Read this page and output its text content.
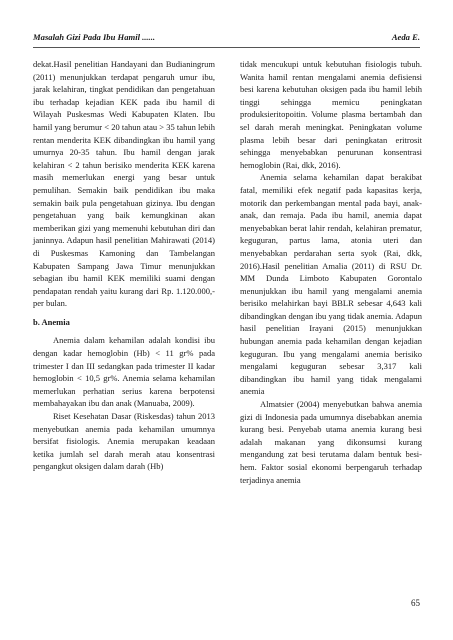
Masalah Gizi Pada Ibu Hamil ......	Aeda E.

dekat.Hasil penelitian Handayani dan Budianingrum (2011) menunjukkan terdapat pengaruh umur ibu, jarak kelahiran, tingkat pendidikan dan pengetahuan ibu terhadap kejadian KEK pada ibu hamil di Wilayah Puskesmas Wedi Kabupaten Klaten. Ibu hamil yang berumur < 20 tahun atau > 35 tahun lebih rentan menderita KEK dibandingkan ibu hamil yang umurnya 20-35 tahun. Ibu hamil dengan jarak kelahiran < 2 tahun berisiko menderita KEK karena masih memerlukan energi yang besar untuk pemulihan. Semakin baik pendidikan ibu maka semakin baik pula pengetahuan gizinya. Ibu dengan pengetahuan yang baik kemungkinan akan memberikan gizi yang memenuhi kebutuhan diri dan janinnya. Adapun hasil penelitian Mahirawati (2014) di Puskesmas Kamoning dan Tambelangan Kabupaten Sampang Jawa Timur menunjukkan sebagian ibu hamil KEK memiliki suami dengan pendapatan rendah yaitu kurang dari Rp. 1.120.000,- per bulan.

b. Anemia

Anemia dalam kehamilan adalah kondisi ibu dengan kadar hemoglobin (Hb) < 11 gr% pada trimester I dan III sedangkan pada trimester II kadar hemoglobin < 10,5 gr%. Anemia selama kehamilan memerlukan perhatian serius karena berpotensi membahayakan ibu dan anak (Manuaba, 2009).

Riset Kesehatan Dasar (Riskesdas) tahun 2013 menyebutkan anemia pada kehamilan umumnya bersifat fisiologis. Anemia merupakan keadaan ketika jumlah sel darah merah atau konsentrasi pengangkut oksigen dalam darah (Hb)

tidak mencukupi untuk kebutuhan fisiologis tubuh. Wanita hamil rentan mengalami anemia defisiensi besi karena kebutuhan oksigen pada ibu hamil lebih tinggi sehingga memicu peningkatan produksieritopoitin. Volume plasma bertambah dan sel darah merah meningkat. Peningkatan volume plasma lebih besar dari peningkatan eritrosit sehingga menyebabkan penurunan konsentrasi hemoglobin (Rai, dkk, 2016).

Anemia selama kehamilan dapat berakibat fatal, memiliki efek negatif pada kapasitas kerja, motorik dan perkembangan mental pada bayi, anak-anak, dan remaja. Pada ibu hamil, anemia dapat menyebabkan berat lahir rendah, kelahiran prematur, keguguran, partus lama, atonia uteri dan menyebabkan perdarahan serta syok (Rai, dkk, 2016).Hasil penelitian Amalia (2011) di RSU Dr. MM Dunda Limboto Kabupaten Gorontalo menunjukkan ibu hamil yang mengalami anemia berisiko melahirkan bayi BBLR sebesar 4,643 kali dibandingkan dengan ibu yang tidak anemia. Adapun hasil penelitian Irayani (2015) menunjukkan hubungan anemia pada kehamilan dengan kejadian keguguran. Ibu yang mengalami anemia berisiko mengalami keguguran sebesar 3,317 kali dibandingkan ibu hamil yang tidak mengalami anemia

Almatsier (2004) menyebutkan bahwa anemia gizi di Indonesia pada umumnya disebabkan anemia kurang besi. Penyebab utama anemia kurang besi adalah makanan yang dikonsumsi kurang mengandung zat besi terutama dalam bentuk besi-hem. Faktor sosial ekonomi berpengaruh terhadap terjadinya anemia

65
